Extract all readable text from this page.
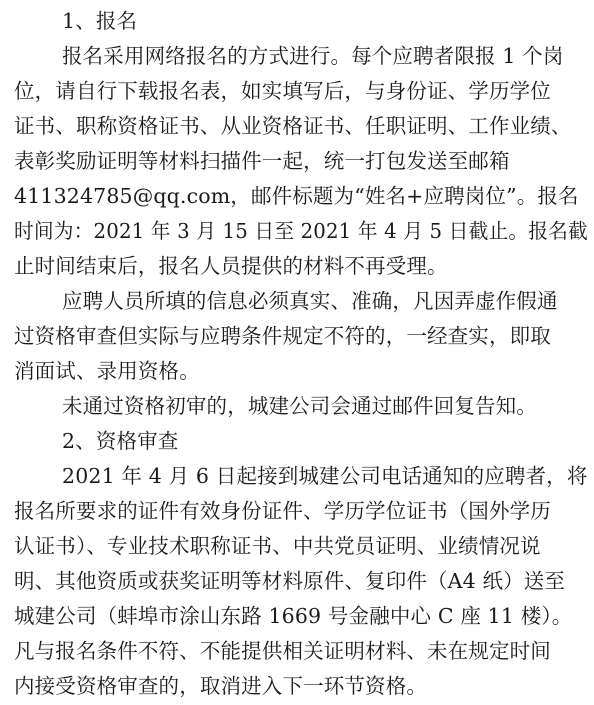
1、报名
报名采用网络报名的方式进行。每个应聘者限报 1 个岗
位，请自行下载报名表，如实填写后，与身份证、学历学位
证书、职称资格证书、从业资格证书、任职证明、工作业绩、
表彰奖励证明等材料扫描件一起，统一打包发送至邮箱
411324785@qq.com，邮件标题为“姓名+应聘岗位”。报名
时间为：2021 年 3 月 15 日至 2021 年 4 月 5 日截止。报名截
止时间结束后，报名人员提供的材料不再受理。
应聘人员所填的信息必须真实、准确，凡因弄虚作假通
过资格审查但实际与应聘条件规定不符的，一经查实，即取
消面试、录用资格。
未通过资格初审的，城建公司会通过邮件回复告知。
2、资格审查
2021 年 4 月 6 日起接到城建公司电话通知的应聘者，将
报名所要求的证件有效身份证件、学历学位证书（国外学历
认证书）、专业技术职称证书、中共党员证明、业绩情况说
明、其他资质或获奖证明等材料原件、复印件（A4 纸）送至
城建公司（蚌埠市涂山东路 1669 号金融中心 C 座 11 楼）。
凡与报名条件不符、不能提供相关证明材料、未在规定时间
内接受资格审查的，取消进入下一环节资格。
